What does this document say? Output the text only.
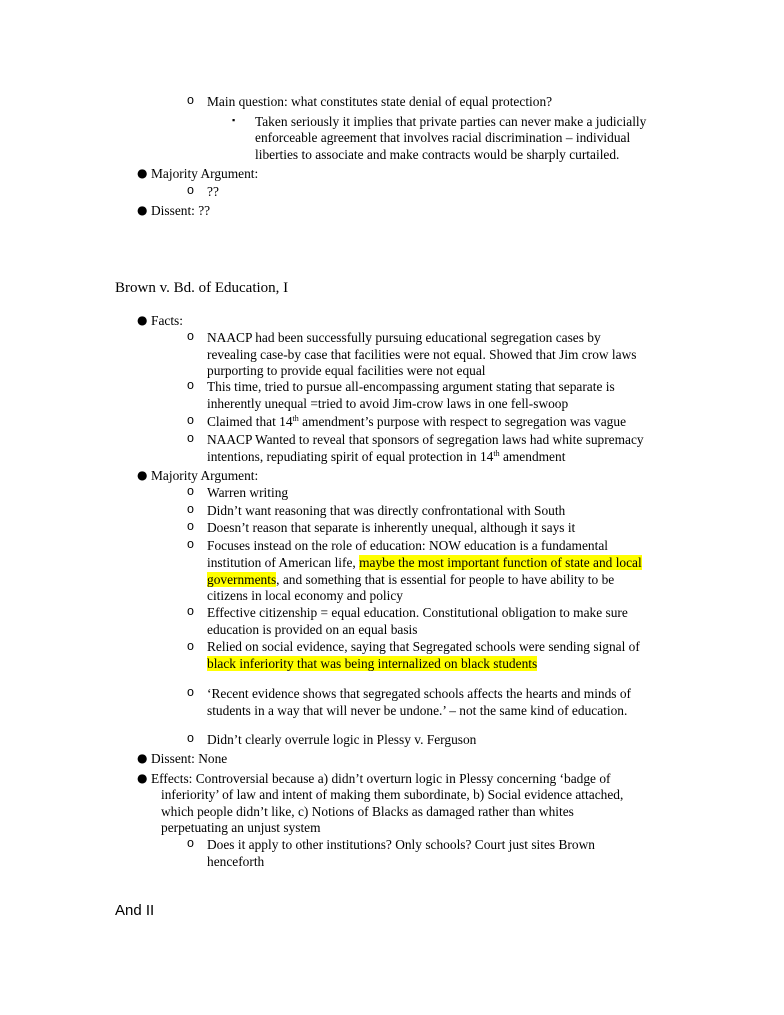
o Main question: what constitutes state denial of equal protection?
▪ Taken seriously it implies that private parties can never make a judicially
enforceable agreement that involves racial discrimination – individual
liberties to associate and make contracts would be sharply curtailed.
● Majority Argument:
o ??
● Dissent: ??
Brown v. Bd. of Education, I
● Facts:
o NAACP had been successfully pursuing educational segregation cases by
revealing case-by case that facilities were not equal. Showed that Jim crow laws
purporting to provide equal facilities were not equal
o This time, tried to pursue all-encompassing argument stating that separate is
inherently unequal =tried to avoid Jim-crow laws in one fell-swoop
o Claimed that 14th amendment’s purpose with respect to segregation was vague
o NAACP Wanted to reveal that sponsors of segregation laws had white supremacy
intentions, repudiating spirit of equal protection in 14th amendment
● Majority Argument:
o Warren writing
o Didn’t want reasoning that was directly confrontational with South
o Doesn’t reason that separate is inherently unequal, although it says it
o Focuses instead on the role of education: NOW education is a fundamental
institution of American life, maybe the most important function of state and local
governments, and something that is essential for people to have ability to be
citizens in local economy and policy
o Effective citizenship = equal education. Constitutional obligation to make sure
education is provided on an equal basis
o Relied on social evidence, saying that Segregated schools were sending signal of
black inferiority that was being internalized on black students
o ‘Recent evidence shows that segregated schools affects the hearts and minds of
students in a way that will never be undone.’ – not the same kind of education.
o Didn’t clearly overrule logic in Plessy v. Ferguson
● Dissent: None
● Effects: Controversial because a) didn’t overturn logic in Plessy concerning ‘badge of
inferiority’ of law and intent of making them subordinate, b) Social evidence attached,
which people didn’t like, c) Notions of Blacks as damaged rather than whites
perpetuating an unjust system
o Does it apply to other institutions? Only schools? Court just sites Brown
henceforth
And II
